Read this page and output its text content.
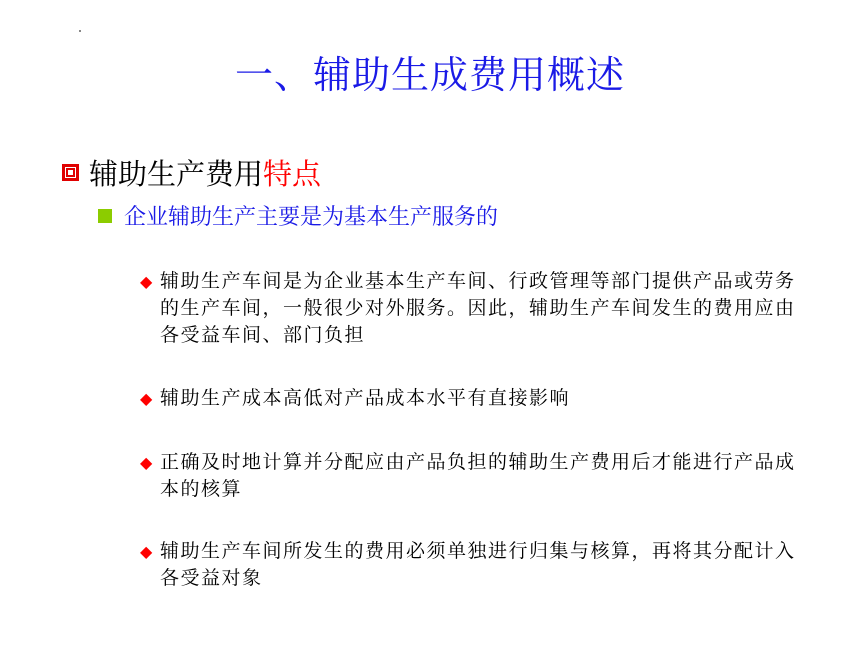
一、辅助生成费用概述
辅助生产费用 特点
企业辅助生产主要是为基本生产服务的
◆ 辅助生产车间是为企业基本生产车间、行政管理等部门提供产品或劳务的生产车间，一般很少对外服务。因此，辅助生产车间发生的费用应由各受益车间、部门负担
◆ 辅助生产成本高低对产品成本水平有直接影响
◆ 正确及时地计算并分配应由产品负担的辅助生产费用后才能进行产品成本的核算
◆ 辅助生产车间所发生的费用必须单独进行归集与核算，再将其分配计入各受益对象
